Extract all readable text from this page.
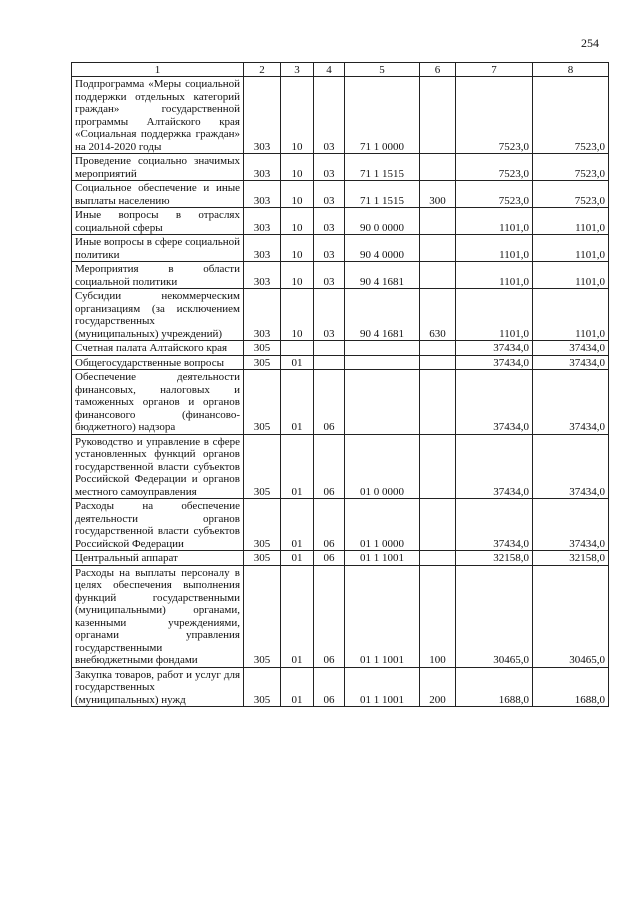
254
1	2	3	4	5	6	7	8
Подпрограмма «Меры социальной поддержки отдельных категорий граждан» государственной программы Алтайского края «Социальная поддержка граждан» на 2014-2020 годы	303	10	03	71 1 0000		7523,0	7523,0
Проведение социально значимых мероприятий	303	10	03	71 1 1515		7523,0	7523,0
Социальное обеспечение и иные выплаты населению	303	10	03	71 1 1515	300	7523,0	7523,0
Иные вопросы в отраслях социальной сферы	303	10	03	90 0 0000		1101,0	1101,0
Иные вопросы в сфере социальной политики	303	10	03	90 4 0000		1101,0	1101,0
Мероприятия в области социальной политики	303	10	03	90 4 1681		1101,0	1101,0
Субсидии некоммерческим организациям (за исключением государственных (муниципальных) учреждений)	303	10	03	90 4 1681	630	1101,0	1101,0
Счетная палата Алтайского края	305					37434,0	37434,0
Общегосударственные вопросы	305	01				37434,0	37434,0
Обеспечение деятельности финансовых, налоговых и таможенных органов и органов финансового (финансово-бюджетного) надзора	305	01	06			37434,0	37434,0
Руководство и управление в сфере установленных функций органов государственной власти субъектов Российской Федерации и органов местного самоуправления	305	01	06	01 0 0000		37434,0	37434,0
Расходы на обеспечение деятельности органов государственной власти субъектов Российской Федерации	305	01	06	01 1 0000		37434,0	37434,0
Центральный аппарат	305	01	06	01 1 1001		32158,0	32158,0
Расходы на выплаты персоналу в целях обеспечения выполнения функций государственными (муниципальными) органами, казенными учреждениями, органами управления государственными внебюджетными фондами	305	01	06	01 1 1001	100	30465,0	30465,0
Закупка товаров, работ и услуг для государственных (муниципальных) нужд	305	01	06	01 1 1001	200	1688,0	1688,0
